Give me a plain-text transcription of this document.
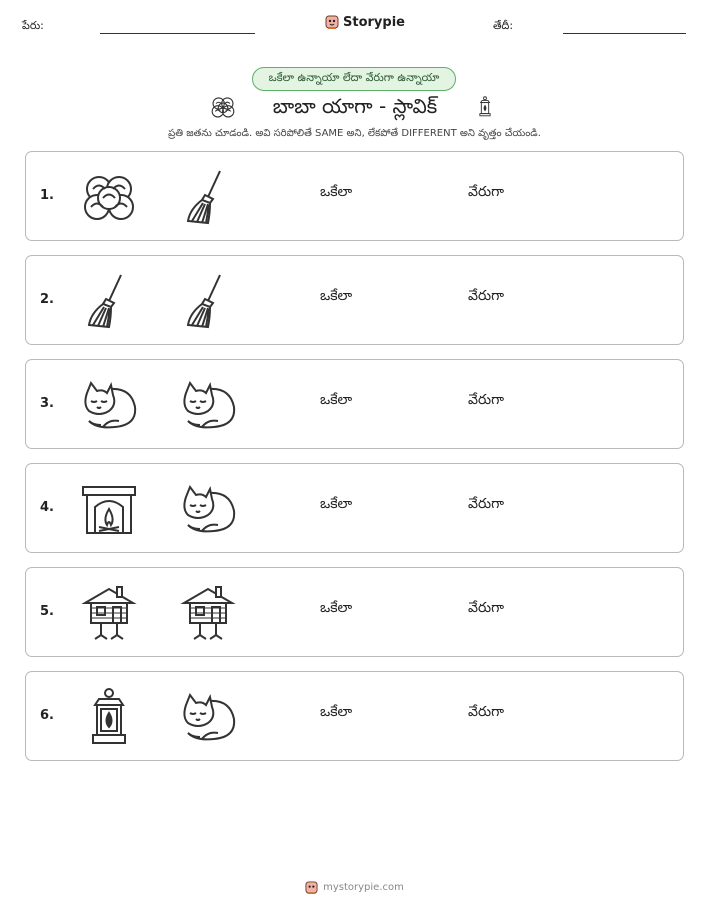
పేరు:	Storypie	తేదీ:
ఒకేలా ఉన్నాయా లేదా వేరుగా ఉన్నాయా
బాబా యాగా - స్లావిక్
ప్రతి జతను చూడండి. అవి సరిపోలితే SAME అని, లేకపోతే DIFFERENT అని వృత్తం చేయండి.
1.	ఒకేలా	వేరుగా
2.	ఒకేలా	వేరుగా
3.	ఒకేలా	వేరుగా
4.	ఒకేలా	వేరుగా
5.	ఒకేలా	వేరుగా
6.	ఒకేలా	వేరుగా
mystorypie.com
